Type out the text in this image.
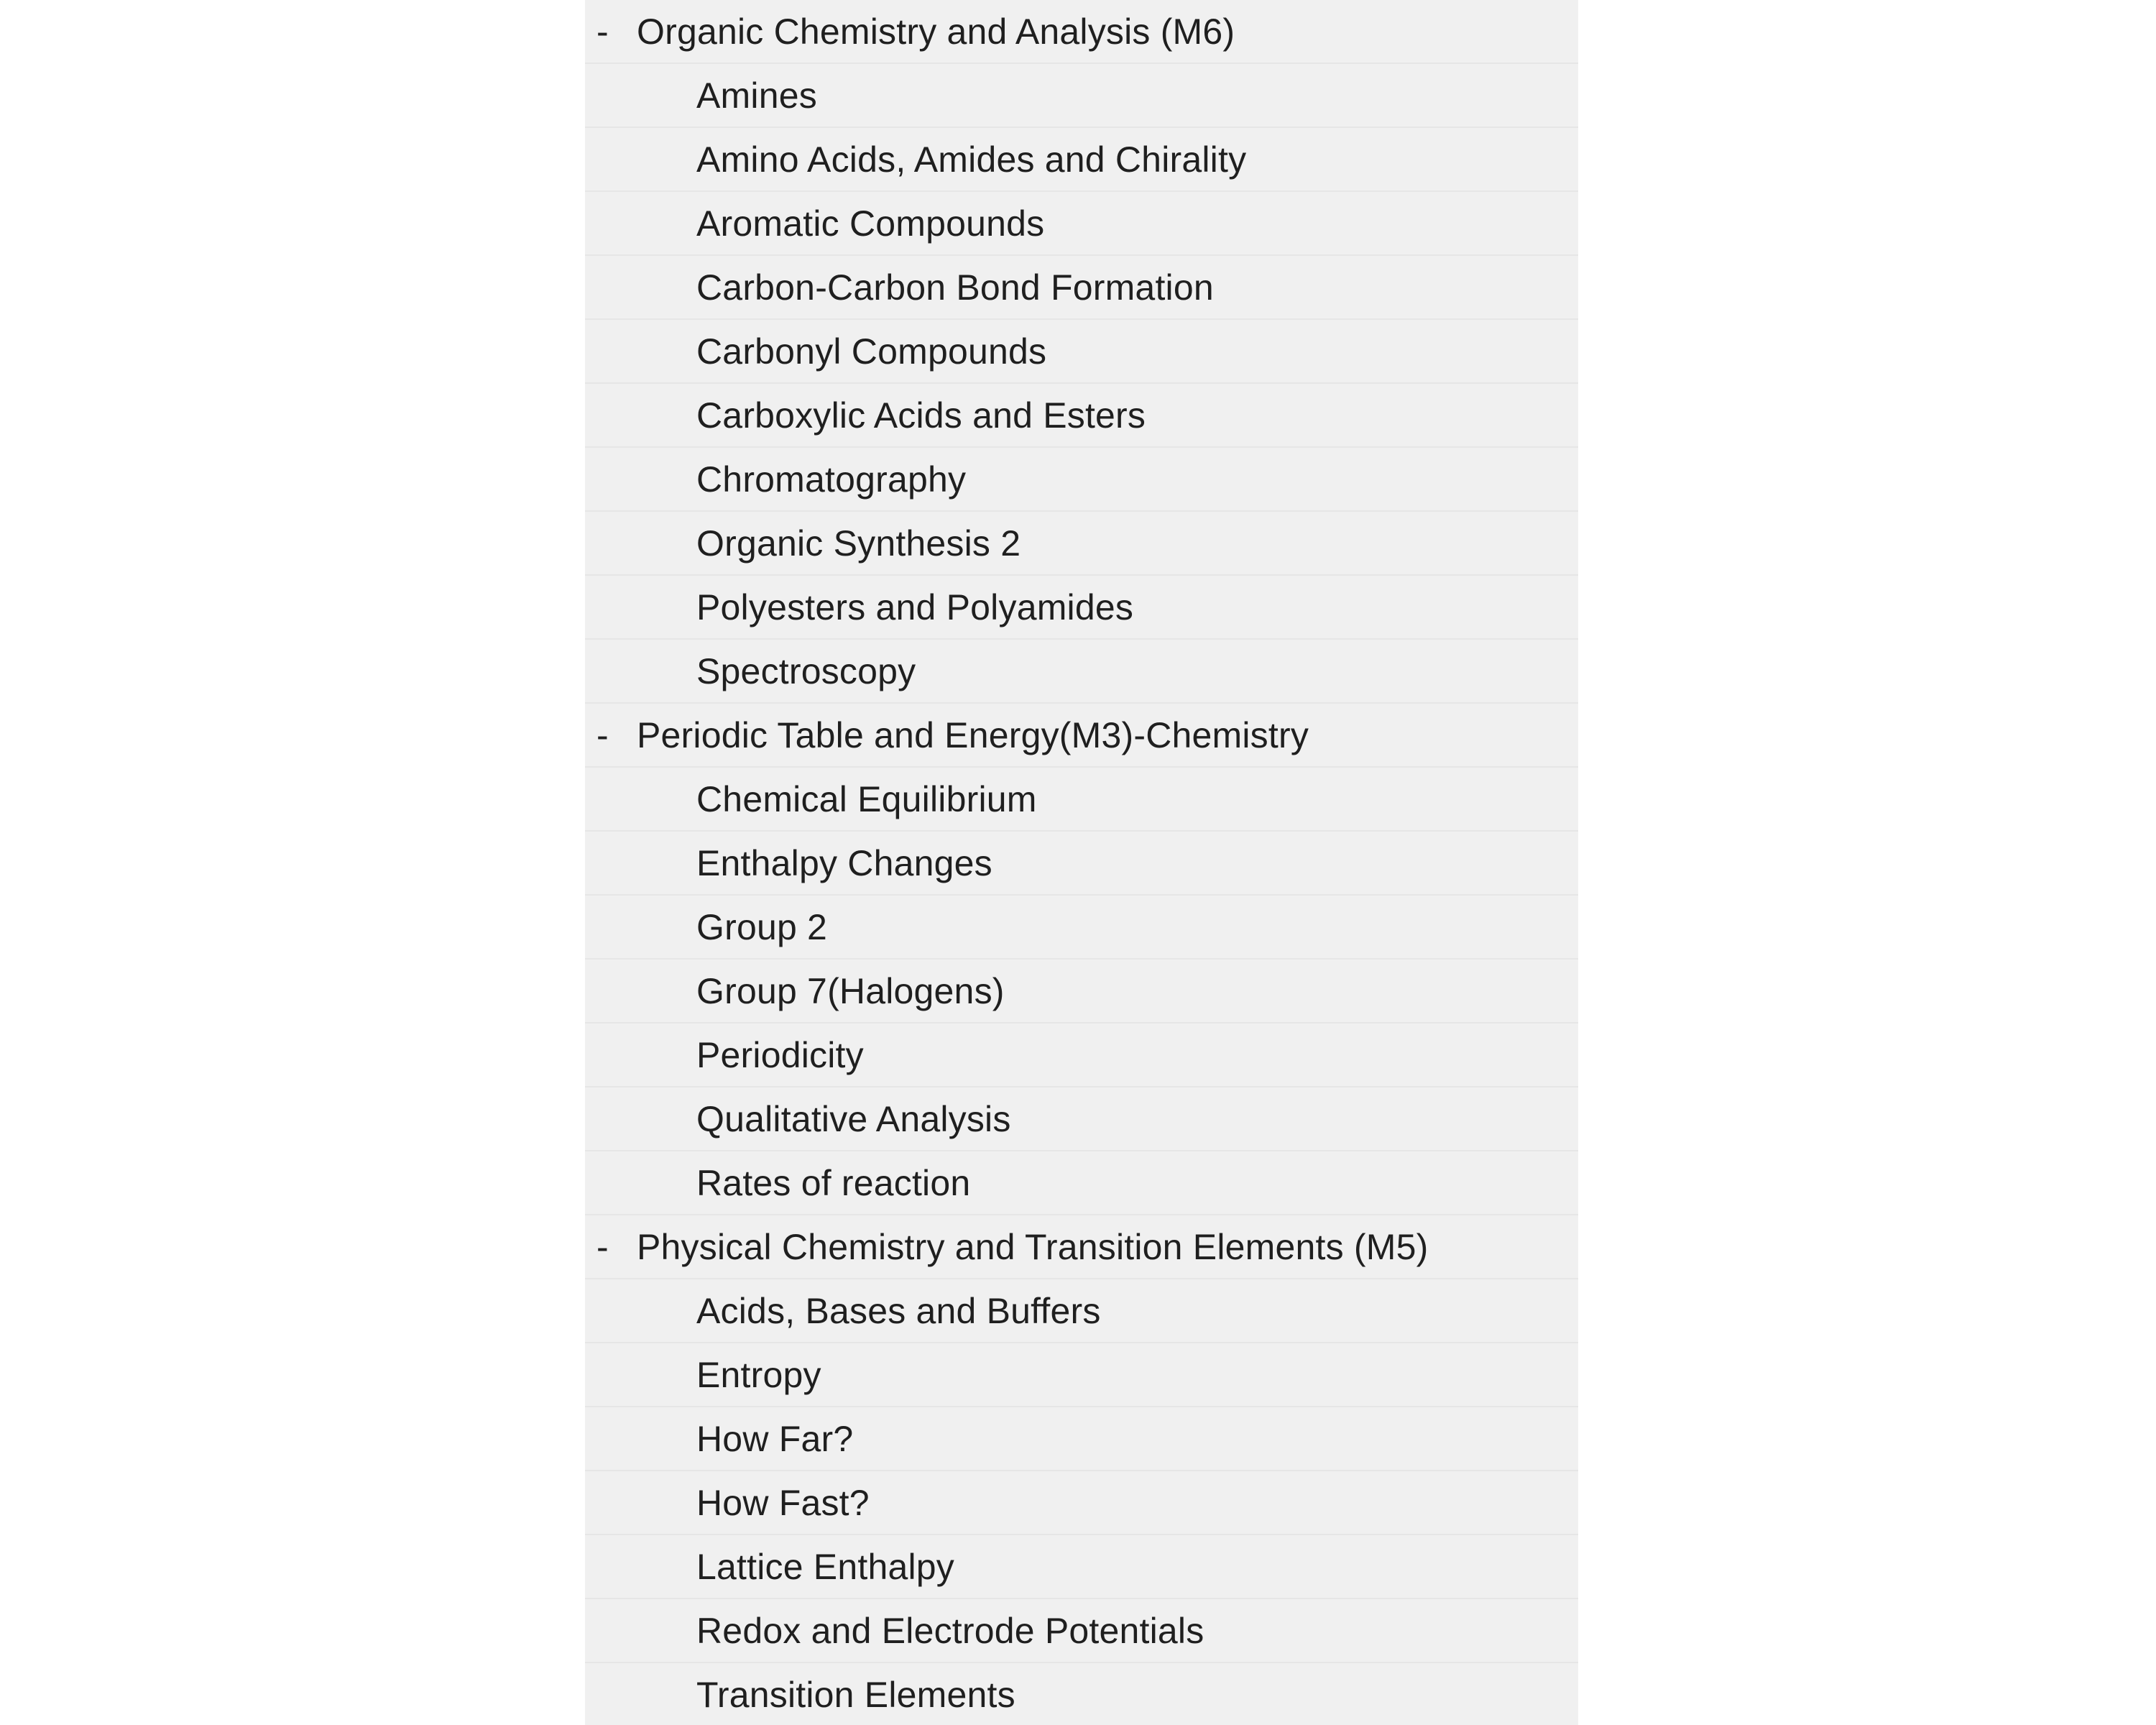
- Organic Chemistry and Analysis (M6)
Amines
Amino Acids, Amides and Chirality
Aromatic Compounds
Carbon-Carbon Bond Formation
Carbonyl Compounds
Carboxylic Acids and Esters
Chromatography
Organic Synthesis 2
Polyesters and Polyamides
Spectroscopy
- Periodic Table and Energy(M3)-Chemistry
Chemical Equilibrium
Enthalpy Changes
Group 2
Group 7(Halogens)
Periodicity
Qualitative Analysis
Rates of reaction
- Physical Chemistry and Transition Elements (M5)
Acids, Bases and Buffers
Entropy
How Far?
How Fast?
Lattice Enthalpy
Redox and Electrode Potentials
Transition Elements
